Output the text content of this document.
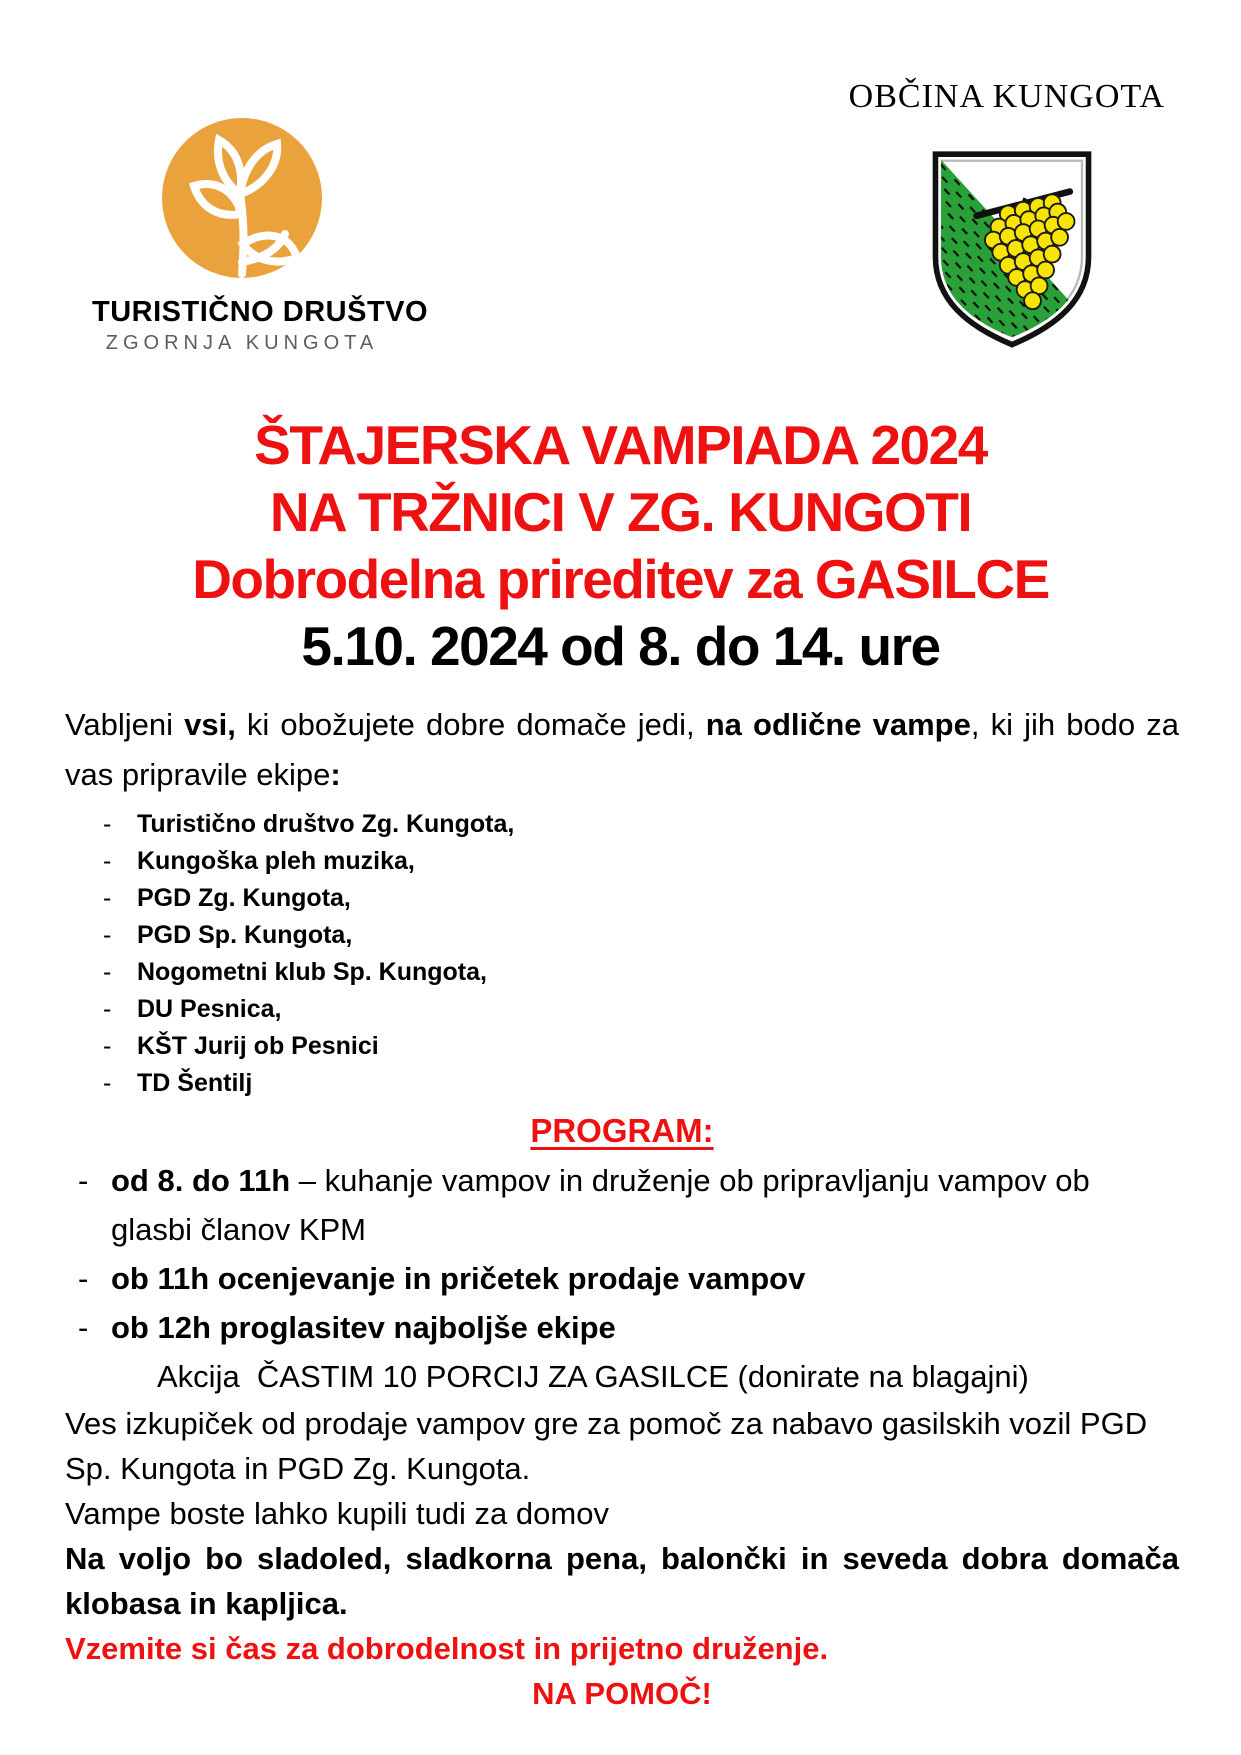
OBČINA KUNGOTA
TURISTIČNO DRUŠTVO
ZGORNJA KUNGOTA
ŠTAJERSKA VAMPIADA 2024
NA TRŽNICI V ZG. KUNGOTI
Dobrodelna prireditev za GASILCE
5.10. 2024 od 8. do 14. ure

Vabljeni vsi, ki obožujete dobre domače jedi, na odlične vampe, ki jih bodo za vas pripravile ekipe:

-	Turistično društvo Zg. Kungota,
-	Kungoška pleh muzika,
-	PGD Zg. Kungota,
-	PGD Sp. Kungota,
-	Nogometni klub Sp. Kungota,
-	DU Pesnica,
-	KŠT Jurij ob Pesnici
-	TD Šentilj
PROGRAM:
- od 8. do 11h – kuhanje vampov in druženje ob pripravljanju vampov ob glasbi članov KPM
- ob 11h ocenjevanje in pričetek prodaje vampov
- ob 12h proglasitev najboljše ekipe

Akcija  ČASTIM 10 PORCIJ ZA GASILCE (donirate na blagajni)

Ves izkupiček od prodaje vampov gre za pomoč za nabavo gasilskih vozil PGD Sp. Kungota in PGD Zg. Kungota.

Vampe boste lahko kupili tudi za domov

Na voljo bo sladoled, sladkorna pena, balončki in seveda dobra domača klobasa in kapljica.

Vzemite si čas za dobrodelnost in prijetno druženje.

NA POMOČ!
